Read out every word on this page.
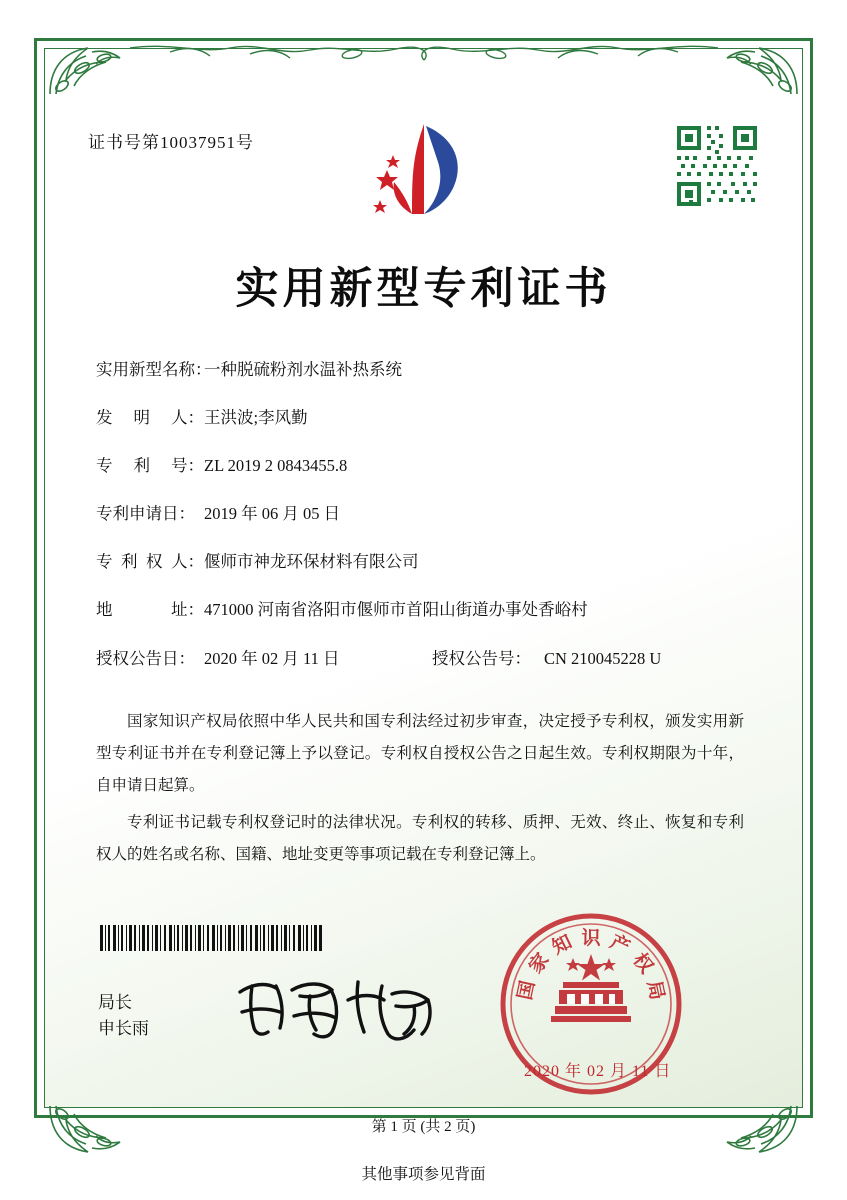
证书号第10037951号
实用新型专利证书
实用新型名称：
一种脱硫粉剂水温补热系统
发 明 人： 王洪波;李风勤
专 利 号： ZL 2019 2 0843455.8
专利申请日： 2019 年 06 月 05 日
专 利 权 人： 偃师市神龙环保材料有限公司
地	址： 471000 河南省洛阳市偃师市首阳山街道办事处香峪村
授权公告日： 2020 年 02 月 11 日	授权公告号： CN 210045228 U

国家知识产权局依照中华人民共和国专利法经过初步审查，决定授予专利权，颁发实用新型专利证书并在专利登记簿上予以登记。专利权自授权公告之日起生效。专利权期限为十年，自申请日起算。

专利证书记载专利权登记时的法律状况。专利权的转移、质押、无效、终止、恢复和专利权人的姓名或名称、国籍、地址变更等事项记载在专利登记簿上。

局长
申长雨
家
知 识 产
权
局
国
2020 年 02 月 11 日
第 1 页 (共 2 页)
其他事项参见背面
